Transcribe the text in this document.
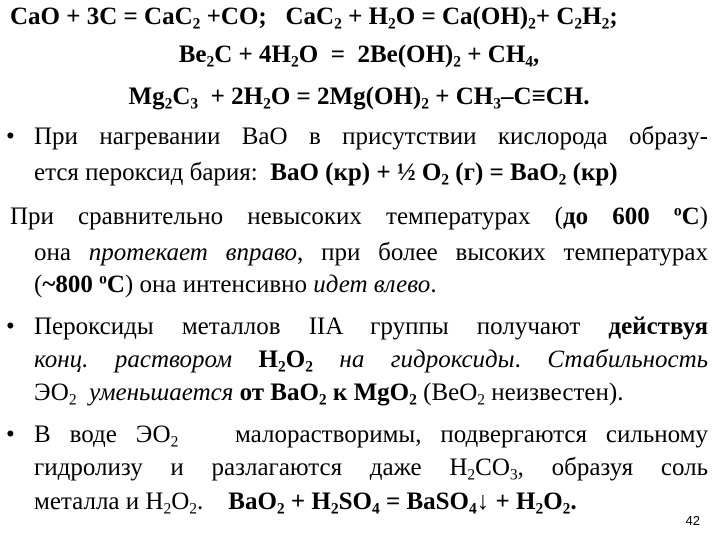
CaO + 3C = CaC$_2$ +CO;   $CaC_2 + H_2O = Ca(OH)_2+ C_2H_2$;
$Be_2C + 4H_2O = 2Be(OH)_2 + CH_4$,
$Mg_2C_3 + 2H_2O = 2Mg(OH)_2 + CH_3-C\equiv CH$.
• При нагревании BaO в присутствии кислорода образу-
ется пероксид бария:  BaO (кр) + ½ $O_2$ (г) = BaO$_2$ (кр)
При сравнительно невысоких температурах (до 600 $^o$C)
она протекает вправо, при более высоких температурах
(~800 $^o$C) она интенсивно идет влево.
• Пероксиды металлов IIA группы получают действуя
конц. раствором $H_2O_2$ на гидроксиды. Стабильность
$ЭО_2$ уменьшается от BaO$_2$ к MgO$_2$ (BeO$_2$ неизвестен).
• В воде $ЭО_2$   малорастворимы, подвергаются сильному
гидролизу и разлагаются даже $H_2CO_3$, образуя соль
металла и $H_2O_2$.    $BaO_2 + H_2SO_4$ = BaSO$_4$↓ + $H_2O_2$.
42
